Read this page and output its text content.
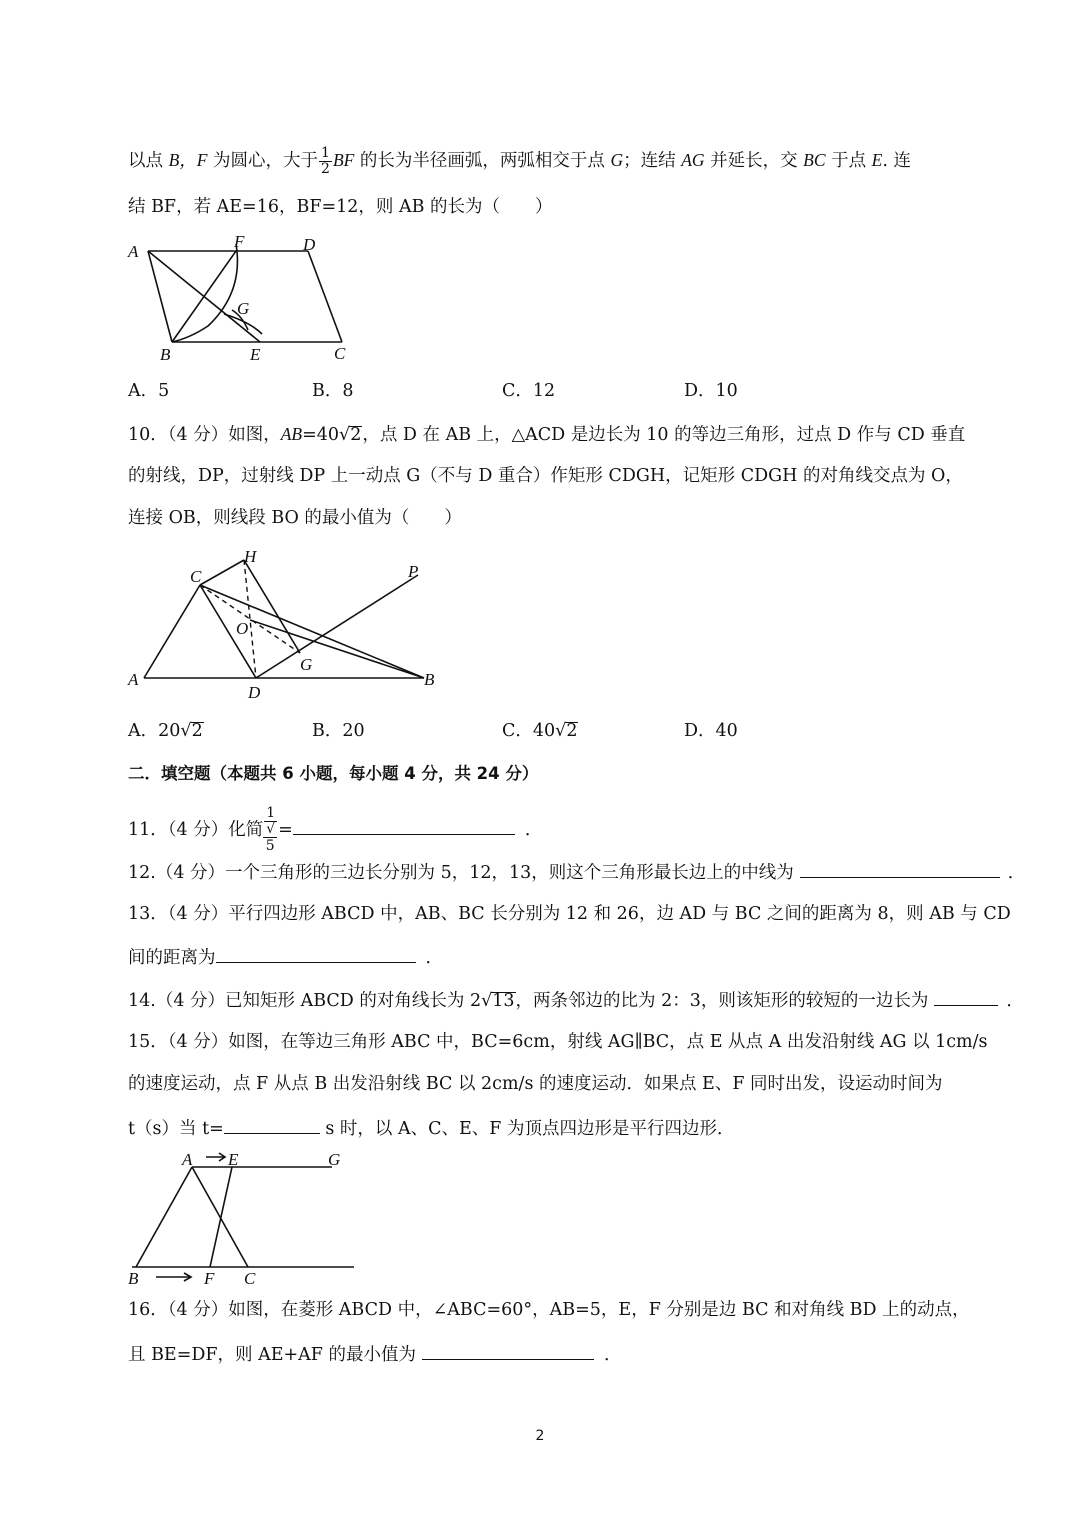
以点 B，F 为圆心，大于 $\frac{1}{2}$ BF 的长为半径画弧，两弧相交于点 G；连结 AG 并延长，交 BC 于点 E. 连
结 BF，若 AE=16，BF=12，则 AB 的长为（　　）
A
F	D
G
B	E	C
A．5	B．8	C．12	D．10
10．（4 分）如图，AB=40√2，点 D 在 AB 上，△ACD 是边长为 10 的等边三角形，过点 D 作与 CD 垂直
的射线，DP，过射线 DP 上一动点 G（不与 D 重合）作矩形 CDGH，记矩形 CDGH 的对角线交点为 O，
连接 OB，则线段 BO 的最小值为（　　）
H
C	P
O
G
A
D
B
A．20√2	B．20	C．40√2	D．40
二．填空题（本题共 6 小题，每小题 4 分，共 24 分）
11．（4 分）化简 1
√
5 =	．
12.（4 分）一个三角形的三边长分别为 5，12，13，则这个三角形最长边上的中线为	．
13．（4 分）平行四边形 ABCD 中，AB、BC 长分别为 12 和 26，边 AD 与 BC 之间的距离为 8，则 AB 与 CD
间的距离为	．
14.（4 分）已知矩形 ABCD 的对角线长为 2√13，两条邻边的比为 2：3，则该矩形的较短的一边长为	．
15．（4 分）如图，在等边三角形 ABC 中，BC=6cm，射线 AG∥BC，点 E 从点 A 出发沿射线 AG 以 1cm/s
的速度运动，点 F 从点 B 出发沿射线 BC 以 2cm/s 的速度运动．如果点 E、F 同时出发，设运动时间为
t（s）当 t=	s 时，以 A、C、E、F 为顶点四边形是平行四边形．
A E	G
B	F C
16．（4 分）如图，在菱形 ABCD 中，∠ABC=60°，AB=5，E，F 分别是边 BC 和对角线 BD 上的动点，
且 BE=DF，则 AE+AF 的最小值为	．
2
